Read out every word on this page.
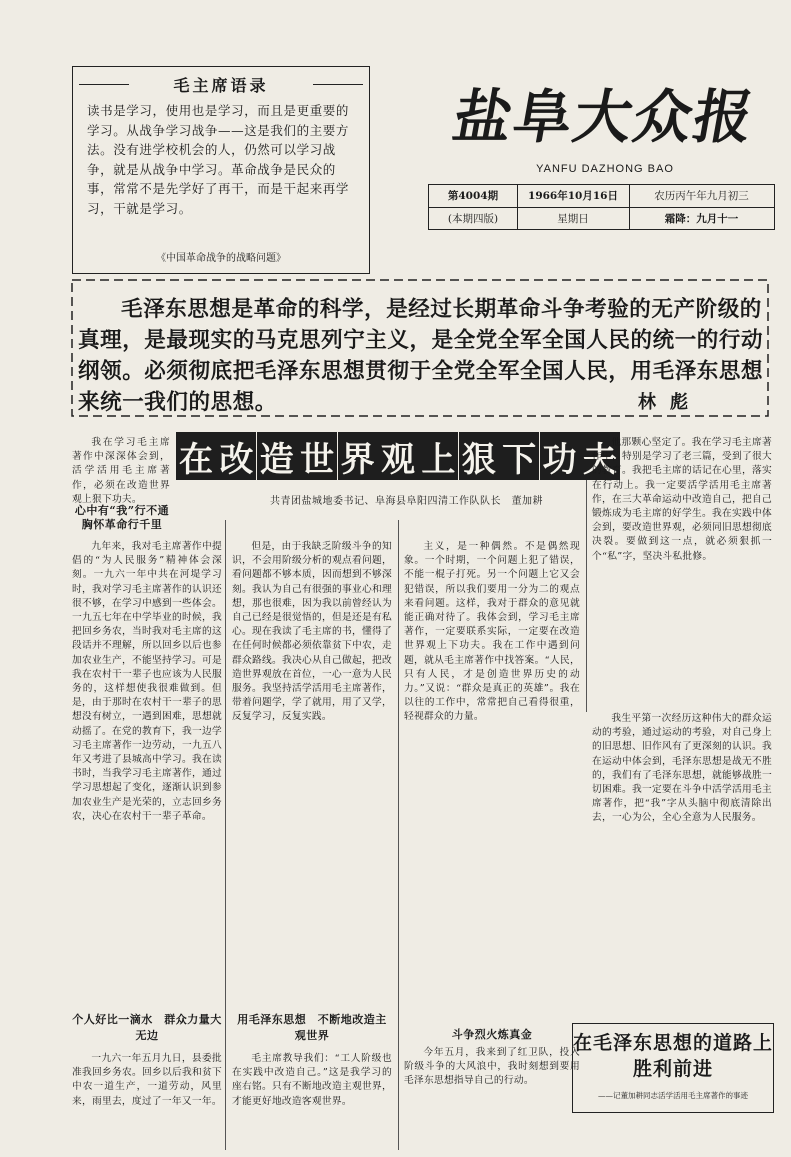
毛主席语录
读书是学习，使用也是学习，而且是更重要的学习。从战争学习战争——这是我们的主要方法。没有进学校机会的人，仍然可以学习战争，就是从战争中学习。革命战争是民众的事，常常不是先学好了再干，而是干起来再学习，干就是学习。
《中国革命战争的战略问题》
盐阜大众报
YANFU DAZHONG BAO
第4004期	1966年10月16日	农历丙午年九月初三
(本期四版)	星期日	霜降：九月十一
毛泽东思想是革命的科学，是经过长期革命斗争考验的无产阶级的真理，是最现实的马克思列宁主义，是全党全军全国人民的统一的行动纲领。必须彻底把毛泽东思想贯彻于全党全军全国人民，用毛泽东思想来统一我们的思想。	林彪
我在学习毛主席著作中深深体会到，活学活用毛主席著作，必须在改造世界观上狠下功夫。
在 改 造 世 界 观 上 狠 下 功 夫
共青团盐城地委书记、阜海县阜阳四清工作队队长　董加耕
心中有“我”行不通　胸怀革命行千里
九年来，我对毛主席著作中提倡的“为人民服务”精神体会深刻。一九六一年中共在河堤学习时，我对学习毛主席著作的认识还很不够，在学习中感到一些体会。一九五七年在中学毕业的时候，我把回乡务农，当时我对毛主席的这段话并不理解，所以回乡以后也参加农业生产，不能坚持学习。可是我在农村干一辈子也应该为人民服务的，这样想使我很难做到。但是，由于那时在农村干一辈子的思想没有树立，一遇到困难，思想就动摇了。在党的教育下，我一边学习毛主席著作一边劳动，一九五八年又考进了县城高中学习。我在读书时，当我学习毛主席著作，通过学习思想起了变化，逐渐认识到参加农业生产是光荣的，立志回乡务农，决心在农村干一辈子革命。
个人好比一滴水　群众力量大无边
一九六一年五月九日，县委批准我回乡务农。回乡以后我和贫下中农一道生产，一道劳动，风里来，雨里去，度过了一年又一年。
但是，由于我缺乏阶级斗争的知识，不会用阶级分析的观点看问题，看问题都不够本质，因而想到不够深刻。我认为自己有很强的事业心和理想，那也很难，因为我以前曾经认为自己已经是很觉悟的，但是还是有私心。现在我读了毛主席的书，懂得了在任何时候都必须依靠贫下中农，走群众路线。我决心从自己做起，把改造世界观放在首位，一心一意为人民服务。我坚持活学活用毛主席著作，带着问题学，学了就用，用了又学，反复学习，反复实践。
用毛泽东思想　不断地改造主观世界
毛主席教导我们：“工人阶级也在实践中改造自己。”这是我学习的座右铭。只有不断地改造主观世界，才能更好地改造客观世界。
主义，是一种偶然。不是偶然现象。一个时期，一个问题上犯了错误，不能一棍子打死。另一个问题上它又会犯错误，所以我们要用一分为二的观点来看问题。这样，我对于群众的意见就能正确对待了。我体会到，学习毛主席著作，一定要联系实际，一定要在改造世界观上下功夫。我在工作中遇到问题，就从毛主席著作中找答案。“人民，只有人民，才是创造世界历史的动力。”又说：“群众是真正的英雄”。我在以往的工作中，常常把自己看得很重，轻视群众的力量。
斗争烈火炼真金
今年五月，我来到了红卫队，投入阶级斗争的大风浪中，我时刻想到要用毛泽东思想指导自己的行动。
他那颗心坚定了。我在学习毛主席著作中，特别是学习了老三篇，受到了很大的教育。我把毛主席的话记在心里，落实在行动上。我一定要活学活用毛主席著作，在三大革命运动中改造自己，把自己锻炼成为毛主席的好学生。我在实践中体会到，要改造世界观，必须同旧思想彻底决裂。要做到这一点，就必须狠抓一个“私”字，坚决斗私批修。
我生平第一次经历这种伟大的群众运动的考验，通过运动的考验，对自己身上的旧思想、旧作风有了更深刻的认识。我在运动中体会到，毛泽东思想是战无不胜的，我们有了毛泽东思想，就能够战胜一切困难。我一定要在斗争中活学活用毛主席著作，把“我”字从头脑中彻底清除出去，一心为公，全心全意为人民服务。
在毛泽东思想的道路上胜利前进
——记董加耕同志活学活用毛主席著作的事迹
